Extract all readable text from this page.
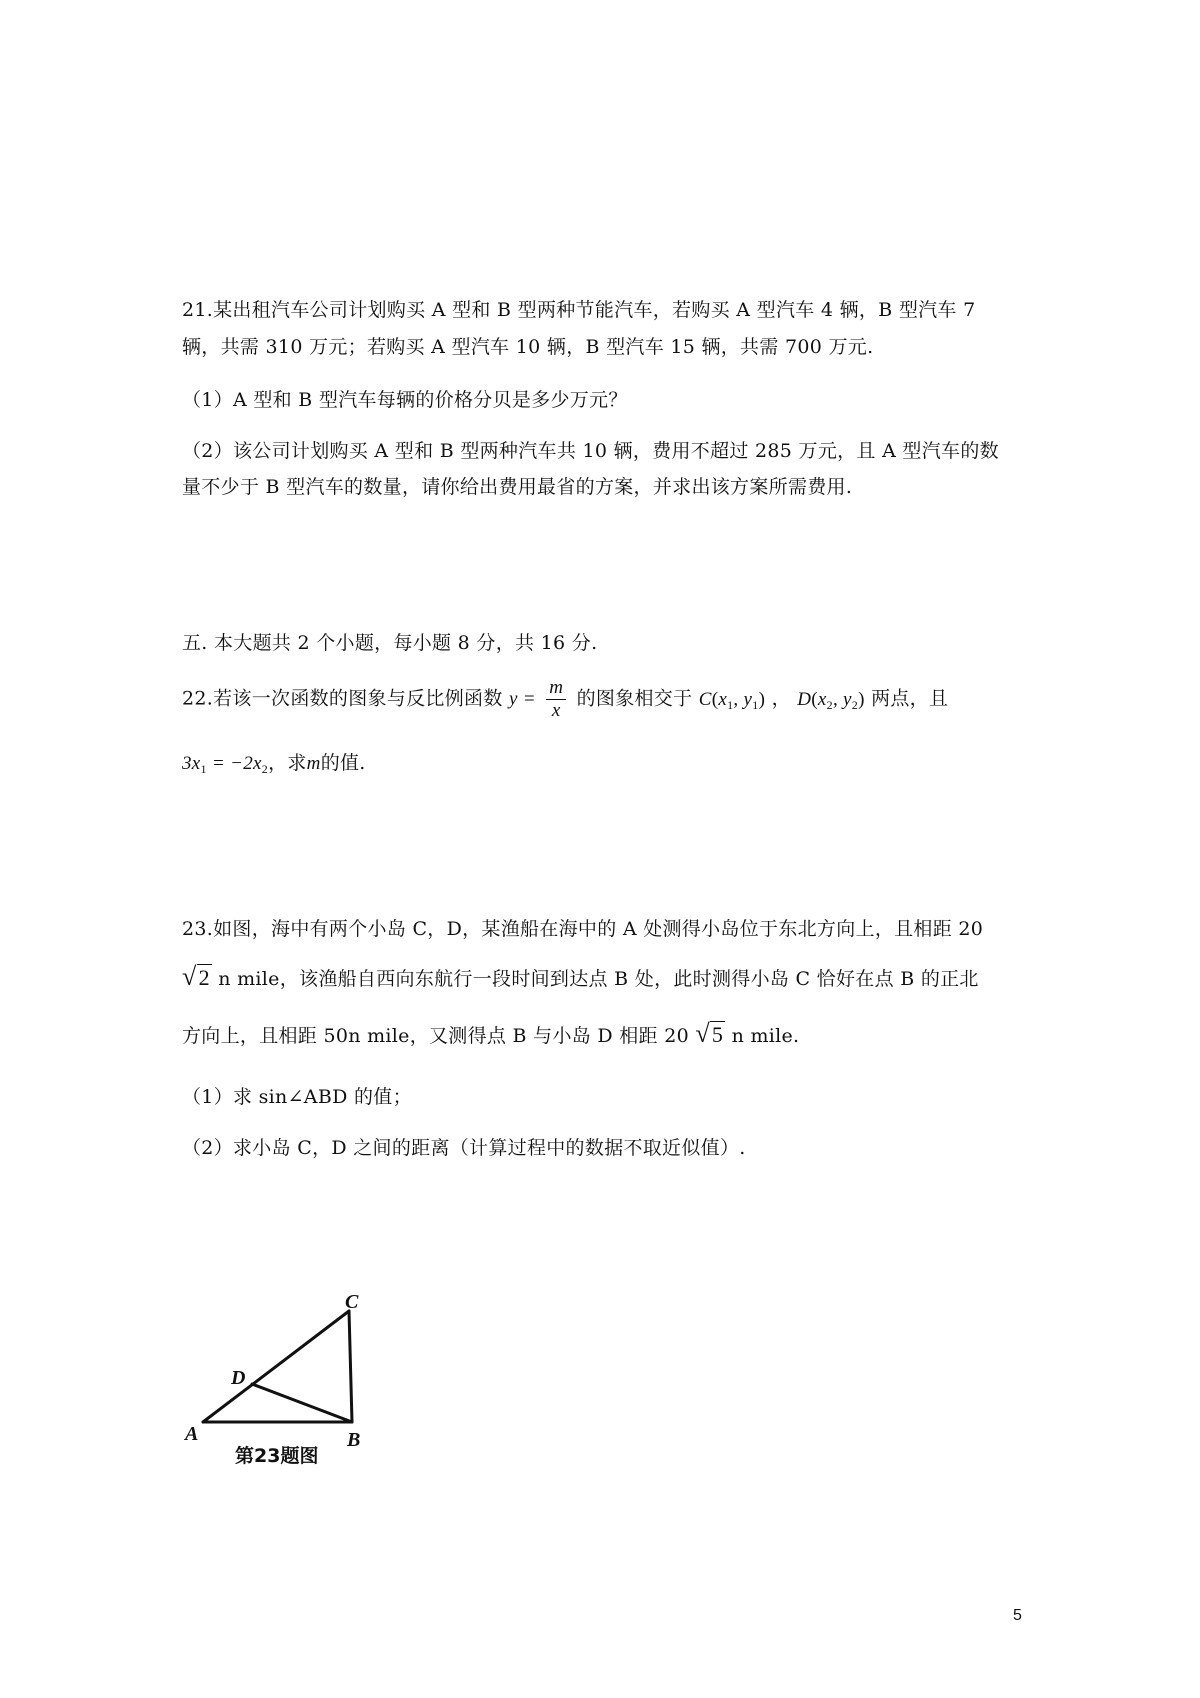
21.某出租汽车公司计划购买 A 型和 B 型两种节能汽车，若购买 A 型汽车 4 辆，B 型汽车 7
辆，共需 310 万元；若购买 A 型汽车 10 辆，B 型汽车 15 辆，共需 700 万元.
（1）A 型和 B 型汽车每辆的价格分贝是多少万元？
（2）该公司计划购买 A 型和 B 型两种汽车共 10 辆，费用不超过 285 万元，且 A 型汽车的数
量不少于 B 型汽车的数量，请你给出费用最省的方案，并求出该方案所需费用.
五. 本大题共 2 个小题，每小题 8 分，共 16 分.
22.若该一次函数的图象与反比例函数 $y = \frac{m}{x}$ 的图象相交于 $C(x_1$, $y_1$) ， $D(x_2$, $y_2$) 两点，且
$3x_1 = -2x_2$，求m的值.
23.如图，海中有两个小岛 C，D，某渔船在海中的 A 处测得小岛位于东北方向上，且相距 20
√2 n mile，该渔船自西向东航行一段时间到达点 B 处，此时测得小岛 C 恰好在点 B 的正北
方向上，且相距 50n mile，又测得点 B 与小岛 D 相距 20 √5 n mile.
（1）求 sin∠ABD 的值；
（2）求小岛 C，D 之间的距离（计算过程中的数据不取近似值）.
A	B
C
D
第23题图
5
